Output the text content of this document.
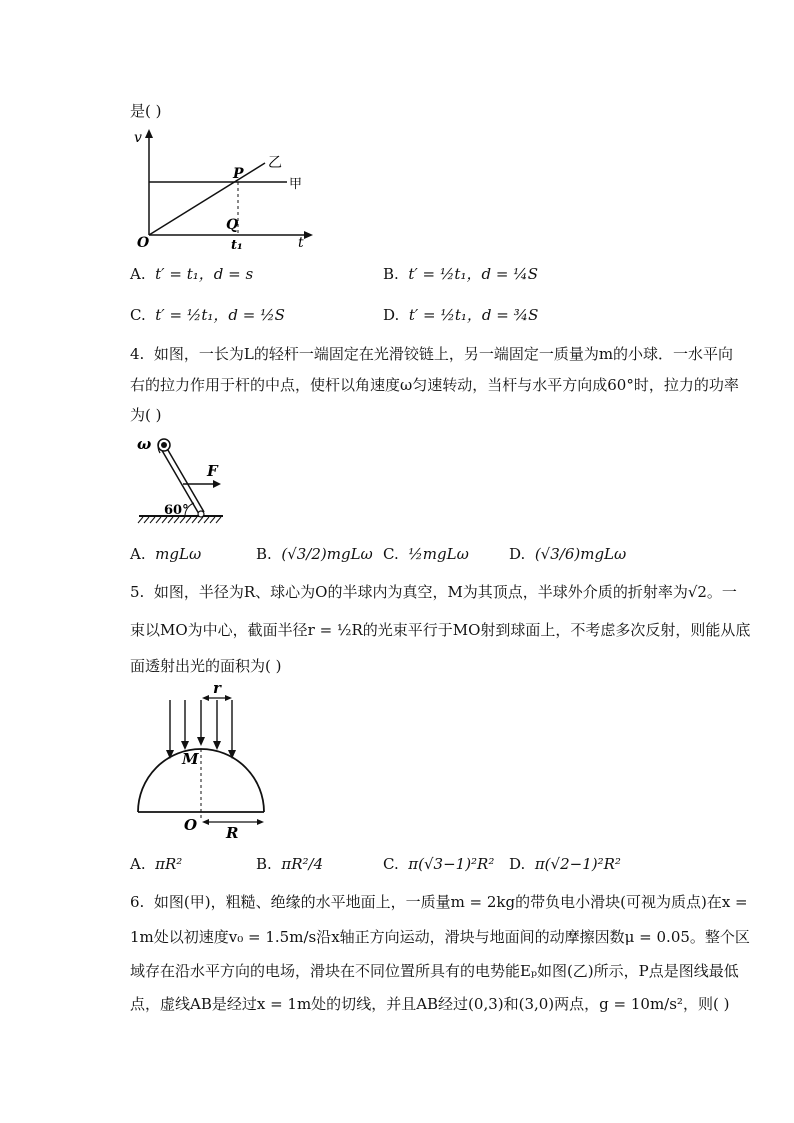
是( )
v
t
O
P
Q
t₁
乙
甲
A. t′ = t₁，d = s	B. t′ = ½t₁，d = ¼S
C. t′ = ½t₁，d = ½S	D. t′ = ½t₁，d = ¾S
4. 如图，一长为L的轻杆一端固定在光滑铰链上，另一端固定一质量为m的小球．一水平向
右的拉力作用于杆的中点，使杆以角速度ω匀速转动，当杆与水平方向成60°时，拉力的功率
为( )
ω
F
60°
A. mgLω	B. (√3/2)mgLω C. ½mgLω	D. (√3/6)mgLω
5. 如图，半径为R、球心为O的半球内为真空，M为其顶点，半球外介质的折射率为√2。一
束以MO为中心，截面半径r = ½R的光束平行于MO射到球面上，不考虑多次反射，则能从底
面透射出光的面积为( )
r
M
O R
A. πR²	B. πR²/4	C. π(√3−1)²R² D. π(√2−1)²R²
6. 如图(甲)，粗糙、绝缘的水平地面上，一质量m = 2kg的带负电小滑块(可视为质点)在x =
1m处以初速度v₀ = 1.5m/s沿x轴正方向运动，滑块与地面间的动摩擦因数μ = 0.05。整个区
域存在沿水平方向的电场，滑块在不同位置所具有的电势能Eₚ如图(乙)所示，P点是图线最低
点，虚线AB是经过x = 1m处的切线，并且AB经过(0,3)和(3,0)两点，g = 10m/s²，则( )
